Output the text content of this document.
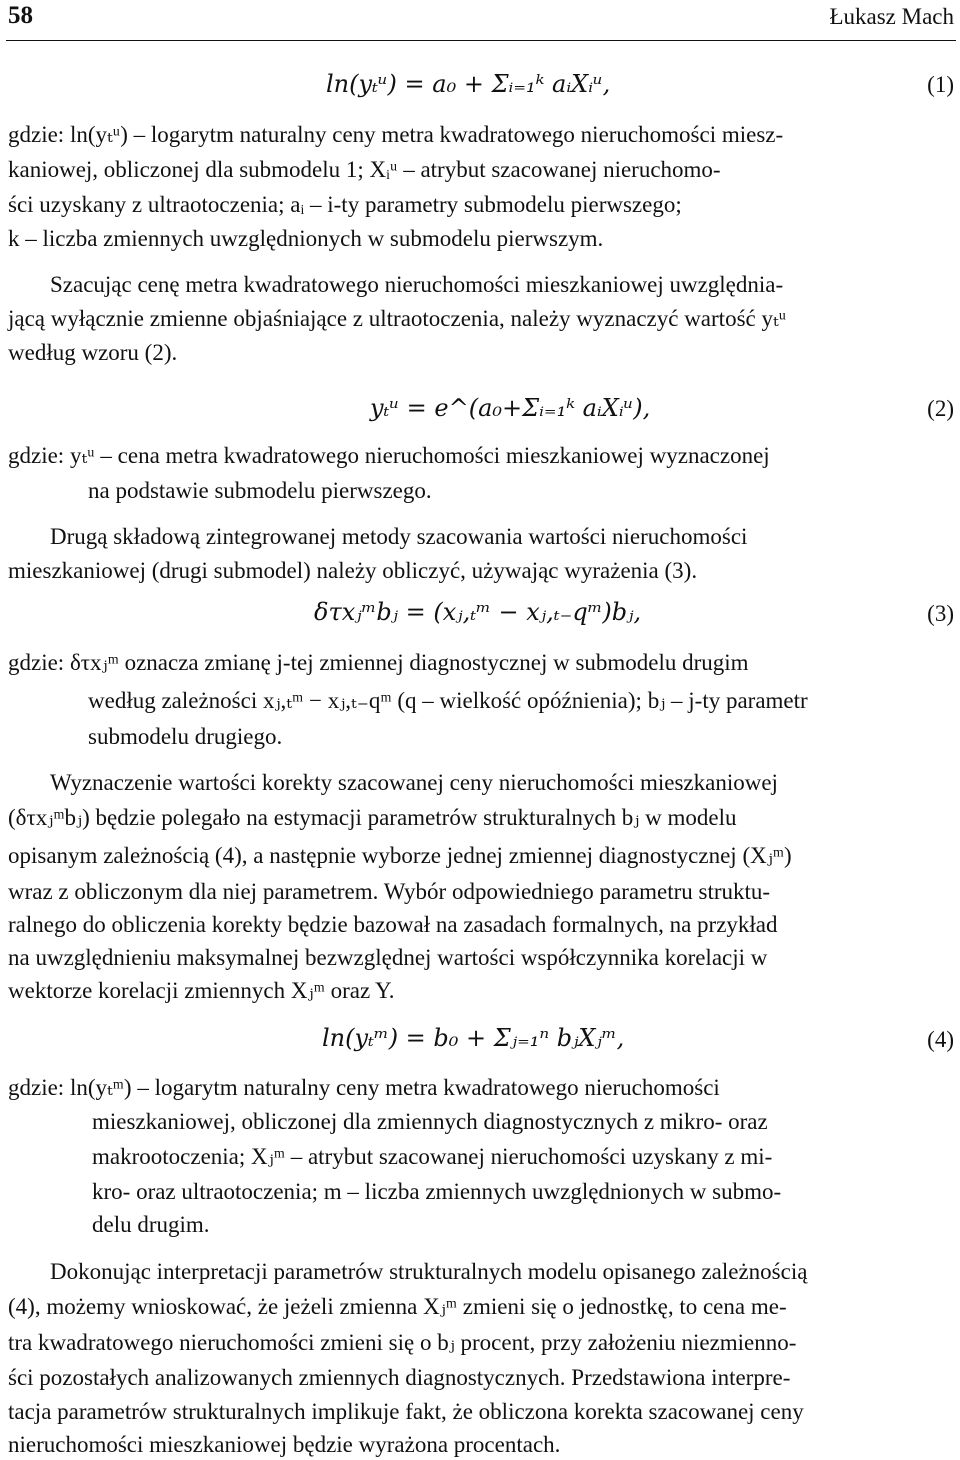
58	Łukasz Mach
ln(yₜᵘ) = a₀ + Σᵢ₌₁ᵏ aᵢXᵢᵘ,	(1)
gdzie: ln(yₜᵘ) – logarytm naturalny ceny metra kwadratowego nieruchomości miesz-
kaniowej, obliczonej dla submodelu 1; Xᵢᵘ – atrybut szacowanej nieruchomo-
ści uzyskany z ultraotoczenia; aᵢ – i-ty parametry submodelu pierwszego;
k – liczba zmiennych uwzględnionych w submodelu pierwszym.
Szacując cenę metra kwadratowego nieruchomości mieszkaniowej uwzględnia-
jącą wyłącznie zmienne objaśniające z ultraotoczenia, należy wyznaczyć wartość yₜᵘ
według wzoru (2).
yₜᵘ = e^(a₀+Σᵢ₌₁ᵏ aᵢXᵢᵘ),	(2)
gdzie: yₜᵘ – cena metra kwadratowego nieruchomości mieszkaniowej wyznaczonej
na podstawie submodelu pierwszego.
Drugą składową zintegrowanej metody szacowania wartości nieruchomości
mieszkaniowej (drugi submodel) należy obliczyć, używając wyrażenia (3).
δτxⱼᵐbⱼ = (xⱼ,ₜᵐ − xⱼ,ₜ₋qᵐ)bⱼ,	(3)
gdzie: δτxⱼᵐ oznacza zmianę j-tej zmiennej diagnostycznej w submodelu drugim
według zależności xⱼ,ₜᵐ − xⱼ,ₜ₋qᵐ (q – wielkość opóźnienia); bⱼ – j-ty parametr
submodelu drugiego.
Wyznaczenie wartości korekty szacowanej ceny nieruchomości mieszkaniowej
(δτxⱼᵐbⱼ) będzie polegało na estymacji parametrów strukturalnych bⱼ w modelu
opisanym zależnością (4), a następnie wyborze jednej zmiennej diagnostycznej (Xⱼᵐ)
wraz z obliczonym dla niej parametrem. Wybór odpowiedniego parametru struktu-
ralnego do obliczenia korekty będzie bazował na zasadach formalnych, na przykład
na uwzględnieniu maksymalnej bezwzględnej wartości współczynnika korelacji w
wektorze korelacji zmiennych Xⱼᵐ oraz Y.
ln(yₜᵐ) = b₀ + Σⱼ₌₁ⁿ bⱼXⱼᵐ,	(4)
gdzie: ln(yₜᵐ) – logarytm naturalny ceny metra kwadratowego nieruchomości
mieszkaniowej, obliczonej dla zmiennych diagnostycznych z mikro- oraz
makrootoczenia; Xⱼᵐ – atrybut szacowanej nieruchomości uzyskany z mi-
kro- oraz ultraotoczenia; m – liczba zmiennych uwzględnionych w submo-
delu drugim.
Dokonując interpretacji parametrów strukturalnych modelu opisanego zależnością
(4), możemy wnioskować, że jeżeli zmienna Xⱼᵐ zmieni się o jednostkę, to cena me-
tra kwadratowego nieruchomości zmieni się o bⱼ procent, przy założeniu niezmienno-
ści pozostałych analizowanych zmiennych diagnostycznych. Przedstawiona interpre-
tacja parametrów strukturalnych implikuje fakt, że obliczona korekta szacowanej ceny
nieruchomości mieszkaniowej będzie wyrażona procentach.
